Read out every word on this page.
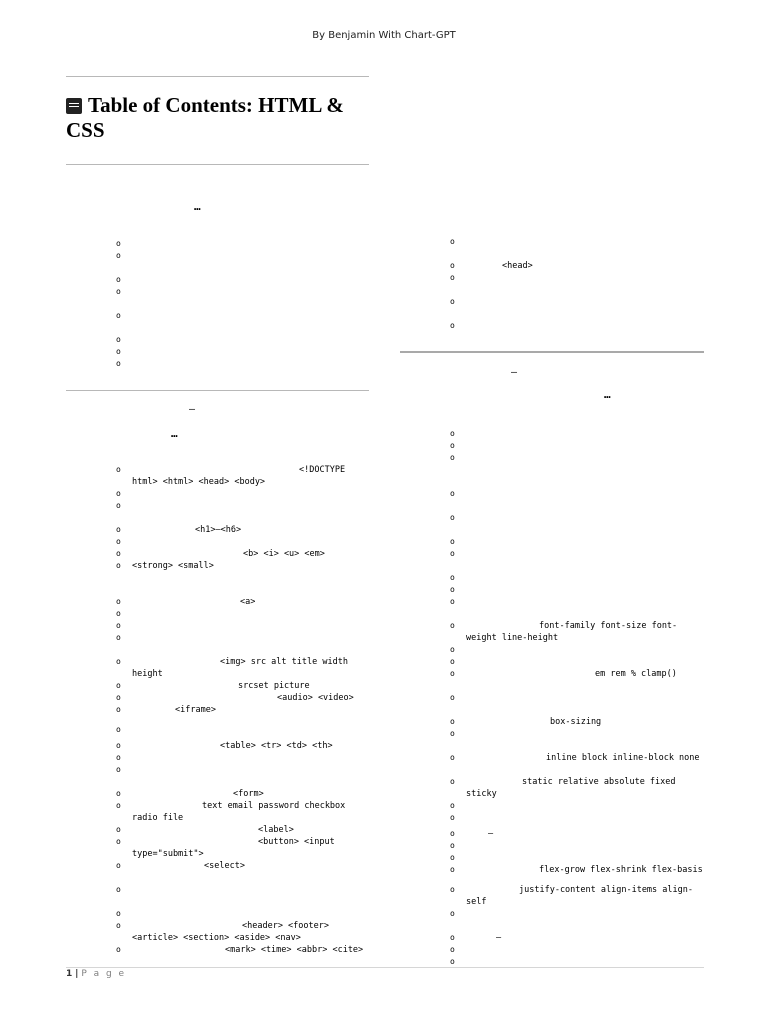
By Benjamin With Chart-GPT
Table of Contents: HTML & CSS
…
o
o
o
o
o
o
o
o
o	<!DOCTYPE html> <html> <head> <body>
o
o
o	<h1>–<h6>
o
o	<b> <i> <u> <em> <strong> <small>
o
o	<a>
o
o
o
o	<img> src alt title width height
o	srcset picture
o	<audio> <video>
o	<iframe>
o
o	<table> <tr> <td> <th>
o
o
o	<form>
o	text email password checkbox radio file
o	<label>
o	<button> <input type="submit">
o	<select>
o
o
o	<header> <footer> <article> <section> <aside> <nav>
o	<mark> <time> <abbr> <cite>
—
…
o
o	<head>
o
o
o
o
o
o
o
o
o
o
o
o
o
o	font-family font-size font-weight line-height
o
o
o	em rem % clamp()
o
o	box-sizing
o
o	inline block inline-block none
o	static relative absolute fixed sticky
o
o
o	—
o
o
o	flex-grow flex-shrink flex-basis
o	justify-content align-items align-self
o
o	—
o
o
—
…
1 | P a g e
